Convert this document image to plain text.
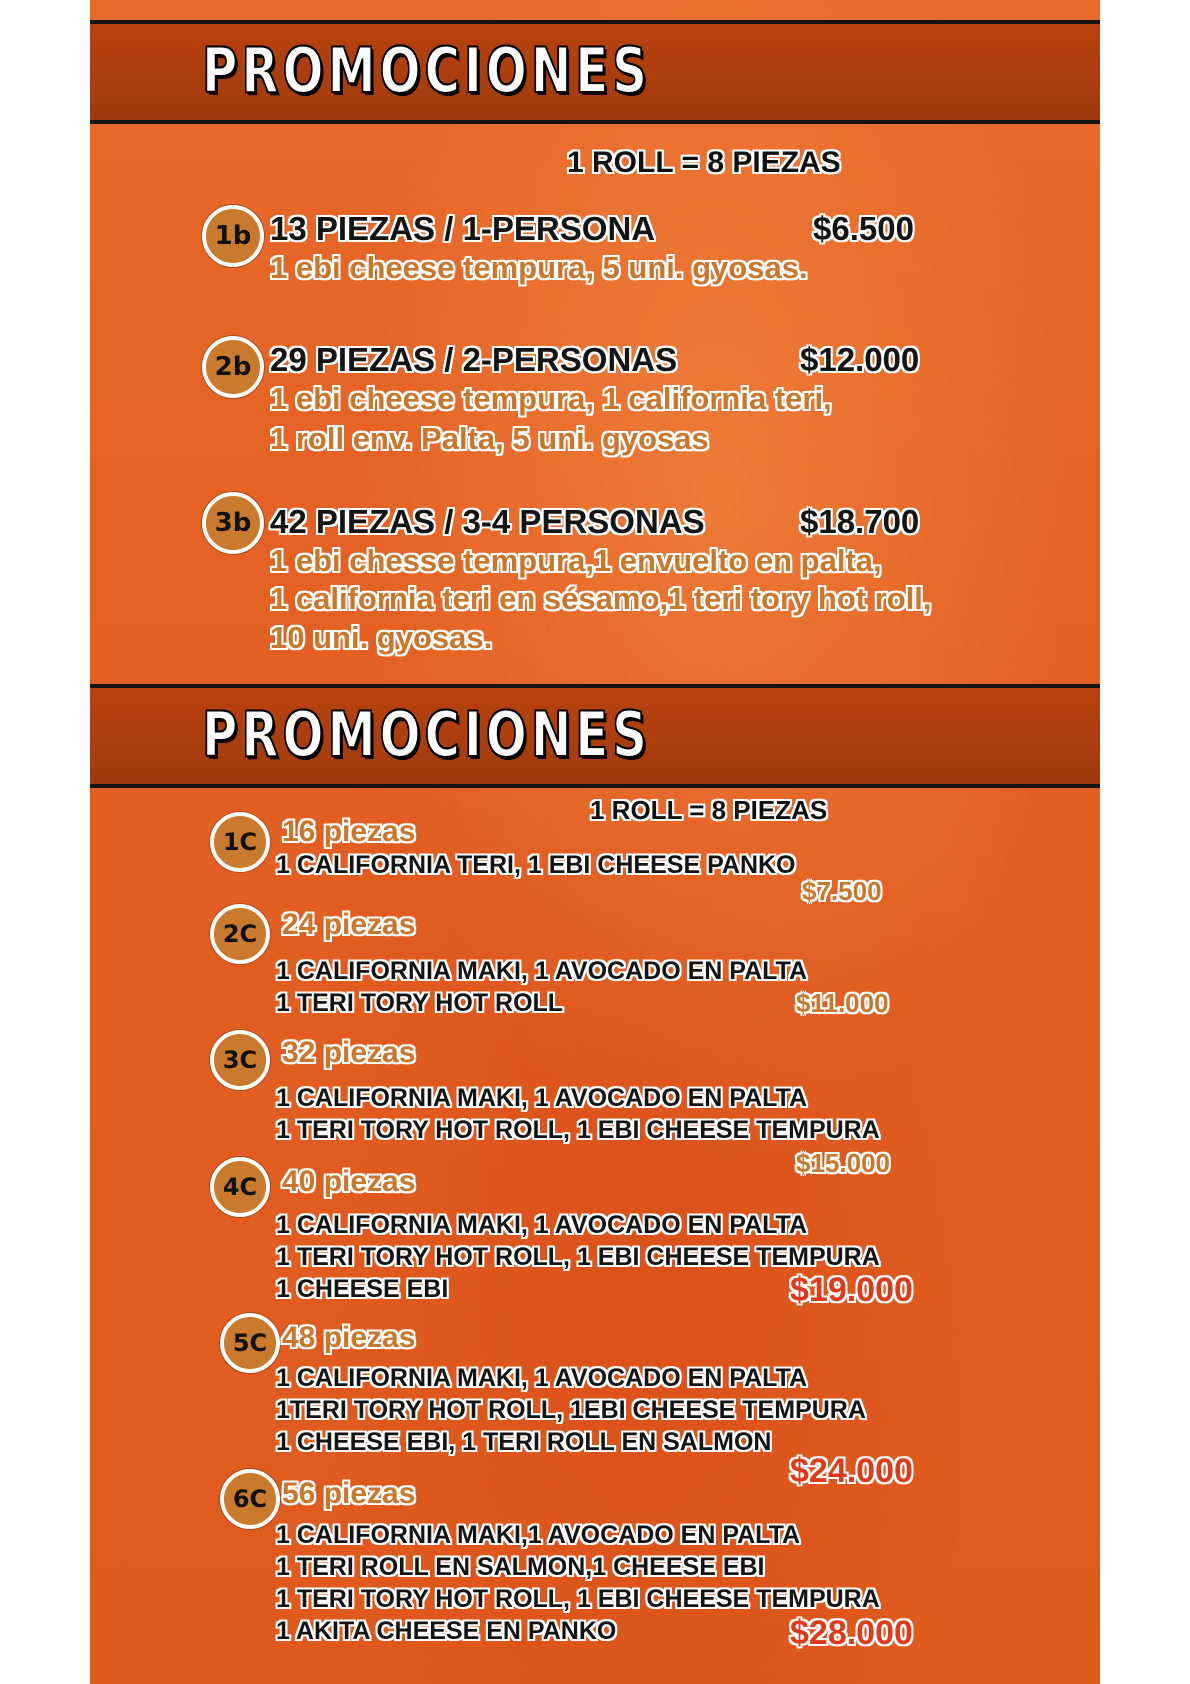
PROMOCIONES
1 ROLL = 8 PIEZAS
1b 13 PIEZAS / 1-PERSONA	$6.500
1 ebi cheese tempura, 5 uni. gyosas.
2b 29 PIEZAS / 2-PERSONAS	$12.000
1 ebi cheese tempura, 1 california teri,
1 roll env. Palta, 5 uni. gyosas
3b 42 PIEZAS / 3-4 PERSONAS	$18.700
1 ebi chesse tempura,1 envuelto en palta,
1 california teri en sésamo,1 teri tory hot roll,
10 uni. gyosas.
PROMOCIONES
1 ROLL = 8 PIEZAS
1C 16 piezas
1 CALIFORNIA TERI, 1 EBI CHEESE PANKO
$7.500
2C 24 piezas
1 CALIFORNIA MAKI, 1 AVOCADO EN PALTA
1 TERI TORY HOT ROLL	$11.000
3C 32 piezas
1 CALIFORNIA MAKI, 1 AVOCADO EN PALTA
1 TERI TORY HOT ROLL, 1 EBI CHEESE TEMPURA
$15.000
4C 40 piezas
1 CALIFORNIA MAKI, 1 AVOCADO EN PALTA
1 TERI TORY HOT ROLL, 1 EBI CHEESE TEMPURA
1 CHEESE EBI	$19.000
5C 48 piezas
1 CALIFORNIA MAKI, 1 AVOCADO EN PALTA
1TERI TORY HOT ROLL, 1EBI CHEESE TEMPURA
1 CHEESE EBI, 1 TERI ROLL EN SALMON
$24.000
6C 56 piezas
1 CALIFORNIA MAKI,1 AVOCADO EN PALTA
1 TERI ROLL EN SALMON,1 CHEESE EBI
1 TERI TORY HOT ROLL, 1 EBI CHEESE TEMPURA
1 AKITA CHEESE EN PANKO	$28.000
